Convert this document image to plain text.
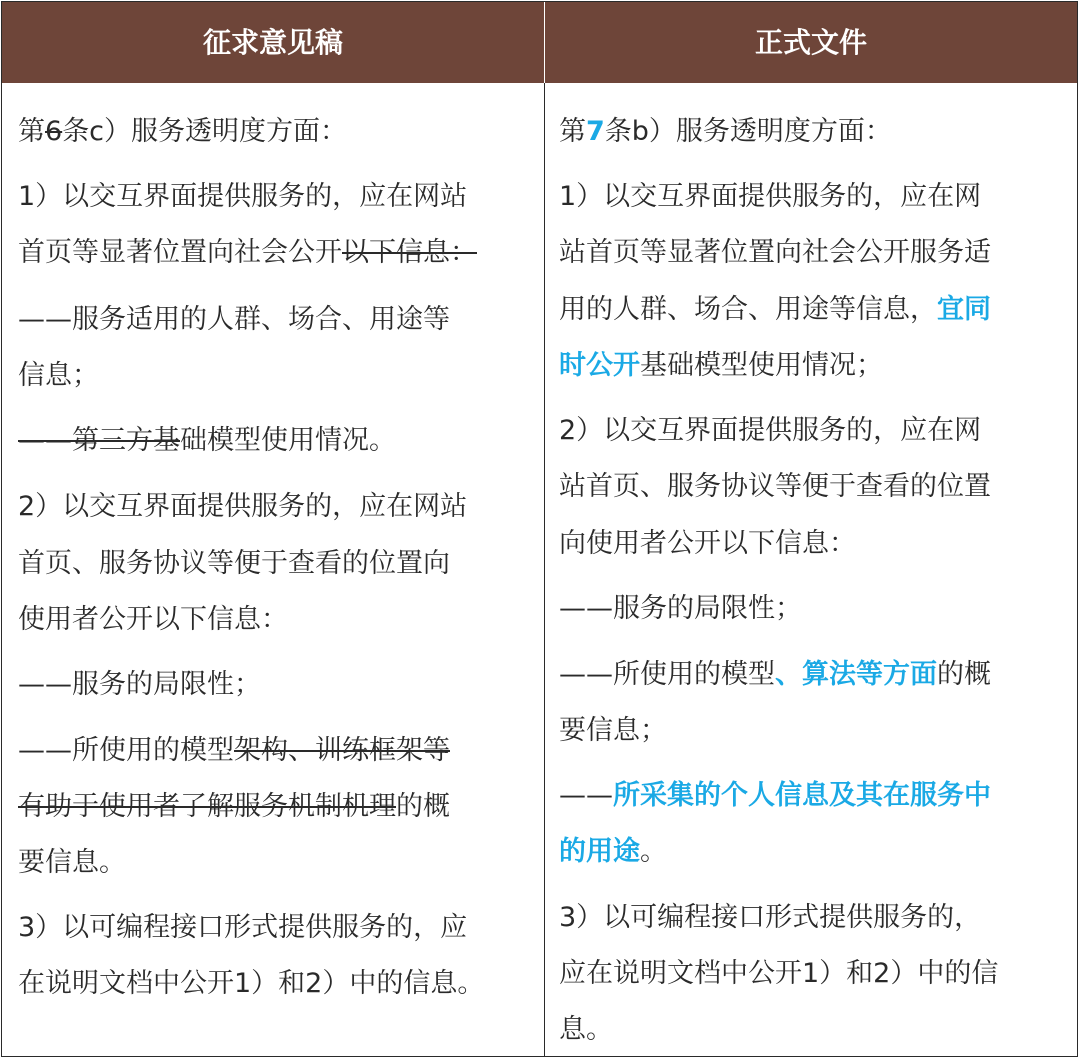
征求意见稿	正式文件
第6条c）服务透明度方面：
1）以交互界面提供服务的，应在网站
首页等显著位置向社会公开以下信息：
——服务适用的人群、场合、用途等
信息；
——第三方基础模型使用情况。
2）以交互界面提供服务的，应在网站
首页、服务协议等便于查看的位置向
使用者公开以下信息：
——服务的局限性；
——所使用的模型架构、训练框架等
有助于使用者了解服务机制机理的概
要信息。
3）以可编程接口形式提供服务的，应
在说明文档中公开1）和2）中的信息。
第7条b）服务透明度方面：
1）以交互界面提供服务的，应在网
站首页等显著位置向社会公开服务适
用的人群、场合、用途等信息，宜同
时公开基础模型使用情况；
2）以交互界面提供服务的，应在网
站首页、服务协议等便于查看的位置
向使用者公开以下信息：
——服务的局限性；
——所使用的模型、算法等方面的概
要信息；
——所采集的个人信息及其在服务中
的用途。
3）以可编程接口形式提供服务的，
应在说明文档中公开1）和2）中的信
息。
